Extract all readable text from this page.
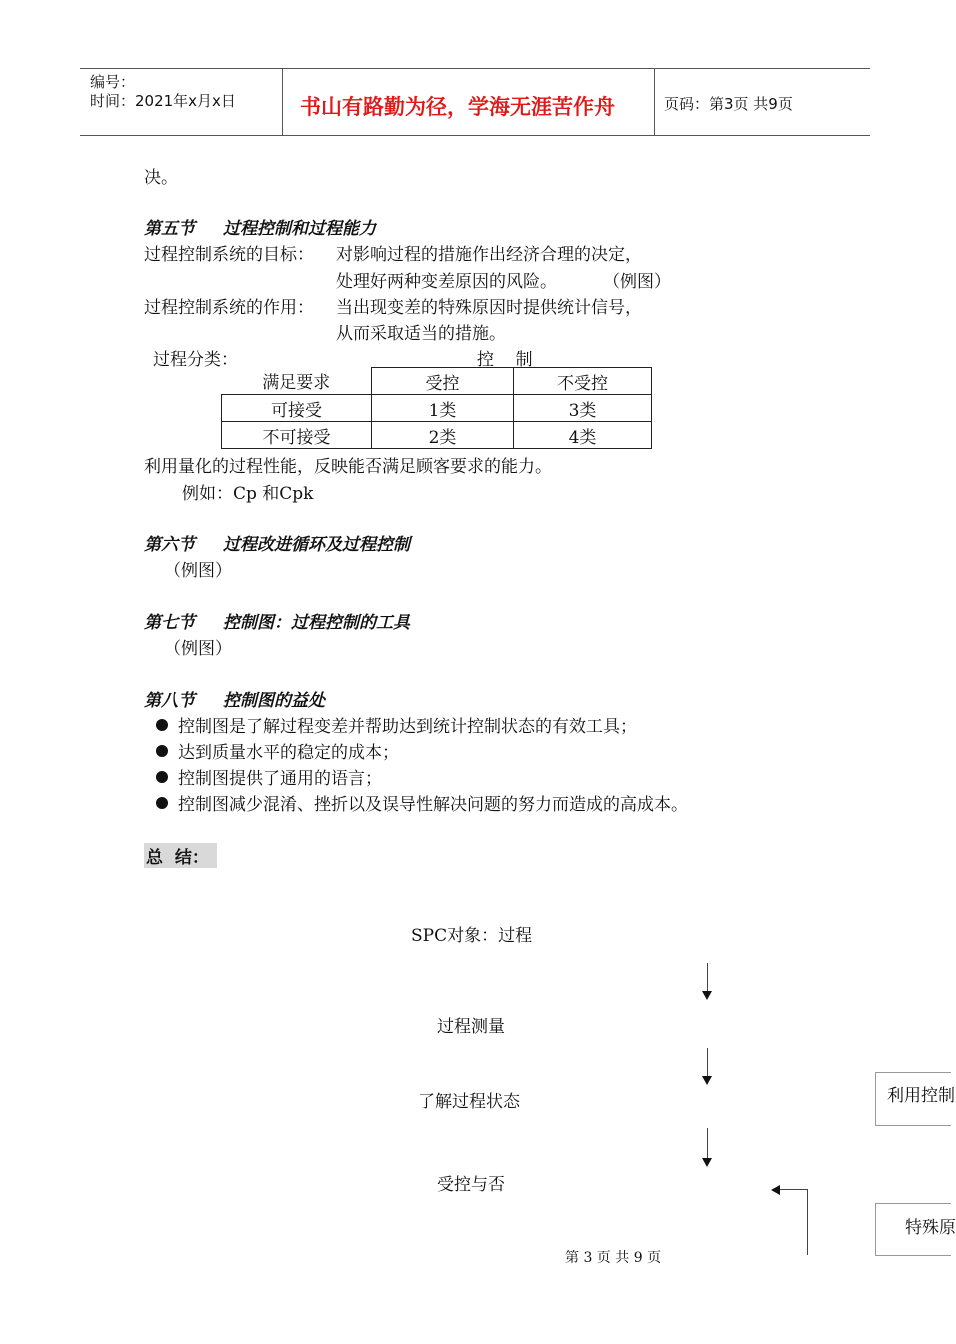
编号：
时间：2021年x月x日	书山有路勤为径，学海无涯苦作舟	页码：第3页 共9页
决。
第五节 过程控制和过程能力
过程控制系统的目标： 对影响过程的措施作出经济合理的决定，
处理好两种变差原因的风险。	（例图）
过程控制系统的作用： 当出现变差的特殊原因时提供统计信号，
从而采取适当的措施。
过程分类：	控    制
满足要求	受控	不受控
可接受	1类	3类
不可接受	2类	4类
利用量化的过程性能，反映能否满足顾客要求的能力。
例如：Cp 和Cpk
第六节 过程改进循环及过程控制
（例图）
第七节 控制图：过程控制的工具
（例图）
第八节 控制图的益处
控制图是了解过程变差并帮助达到统计控制状态的有效工具；
达到质量水平的稳定的成本；
控制图提供了通用的语言；
控制图减少混淆、挫折以及误导性解决问题的努力而造成的高成本。
总  结：
SPC对象：过程
过程测量
了解过程状态
受控与否
利用控制
特殊原
第 3 页 共 9 页
